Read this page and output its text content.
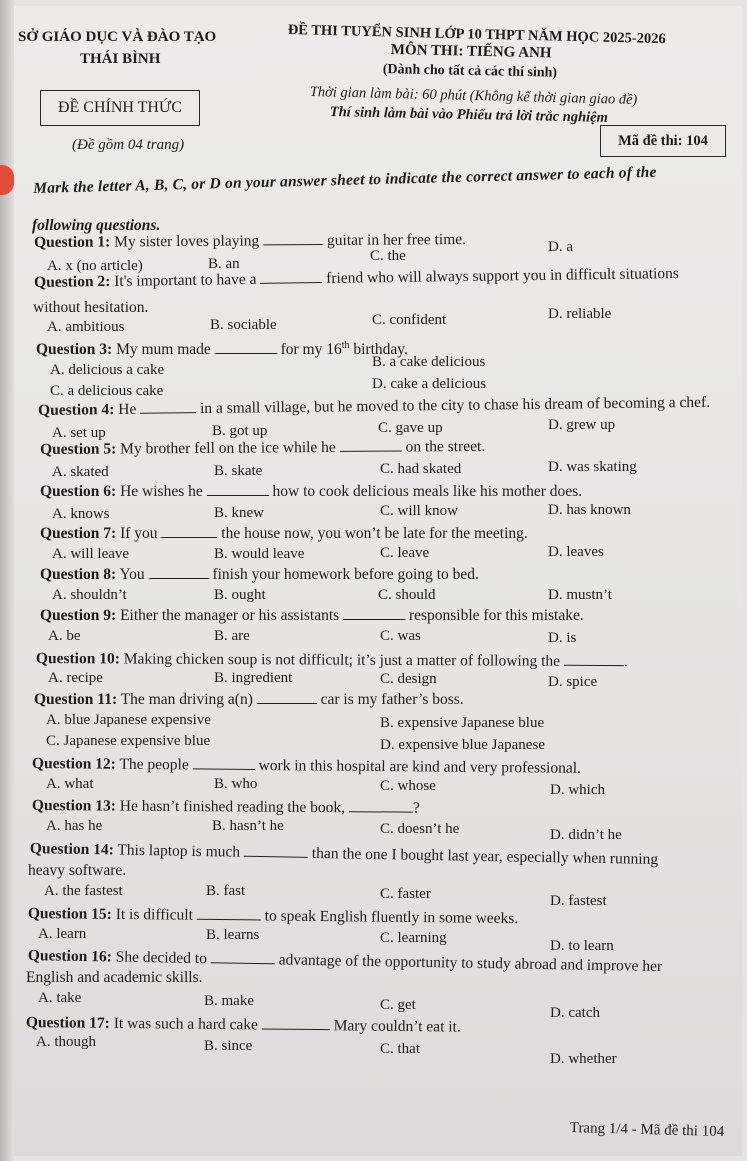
SỞ GIÁO DỤC VÀ ĐÀO TẠO
THÁI BÌNH
ĐỀ CHÍNH THỨC
(Đề gồm 04 trang)
ĐỀ THI TUYỂN SINH LỚP 10 THPT NĂM HỌC 2025-2026
MÔN THI: TIẾNG ANH
(Dành cho tất cả các thí sinh)
Thời gian làm bài: 60 phút (Không kể thời gian giao đề)
Thí sinh làm bài vào Phiếu trả lời trắc nghiệm
Mã đề thi: 104
Mark the letter A, B, C, or D on your answer sheet to indicate the correct answer to each of the
following questions.
Question 1: My sister loves playing	guitar in her free time.
A. x (no article)	B. an	C. the
D. a
Question 2: It's important to have a	friend who will always support you in difficult situations
without hesitation.
A. ambitious	B. sociable	C. confident	D. reliable
Question 3: My mum made	for my 16th birthday.
A. delicious a cake	B. a cake delicious
C. a delicious cake	D. cake a delicious
Question 4: He	in a small village, but he moved to the city to chase his dream of becoming a chef.
A. set up	B. got up	C. gave up	D. grew up
Question 5: My brother fell on the ice while he	on the street.
A. skated	B. skate	C. had skated	D. was skating
Question 6: He wishes he	how to cook delicious meals like his mother does.
A. knows	B. knew	C. will know	D. has known
Question 7: If you	the house now, you won’t be late for the meeting.
A. will leave	B. would leave	C. leave	D. leaves
Question 8: You	finish your homework before going to bed.
A. shouldn’t	B. ought	C. should	D. mustn’t
Question 9: Either the manager or his assistants	responsible for this mistake.
A. be	B. are	C. was	D. is
Question 10: Making chicken soup is not difficult; it’s just a matter of following the	.
A. recipe	B. ingredient	C. design	D. spice
Question 11: The man driving a(n)	car is my father’s boss.
A. blue Japanese expensive	B. expensive Japanese blue
C. Japanese expensive blue	D. expensive blue Japanese
Question 12: The people	work in this hospital are kind and very professional.
A. what	B. who	C. whose	D. which
Question 13: He hasn’t finished reading the book,	?
A. has he	B. hasn’t he	C. doesn’t he	D. didn’t he
Question 14: This laptop is much	than the one I bought last year, especially when running
heavy software.
A. the fastest	B. fast	C. faster	D. fastest
Question 15: It is difficult	to speak English fluently in some weeks.
A. learn	B. learns	C. learning	D. to learn
Question 16: She decided to	advantage of the opportunity to study abroad and improve her
English and academic skills.
A. take	B. make	C. get	D. catch
Question 17: It was such a hard cake	Mary couldn’t eat it.
A. though	B. since	C. that
D. whether
Trang 1/4 - Mã đề thi 104
